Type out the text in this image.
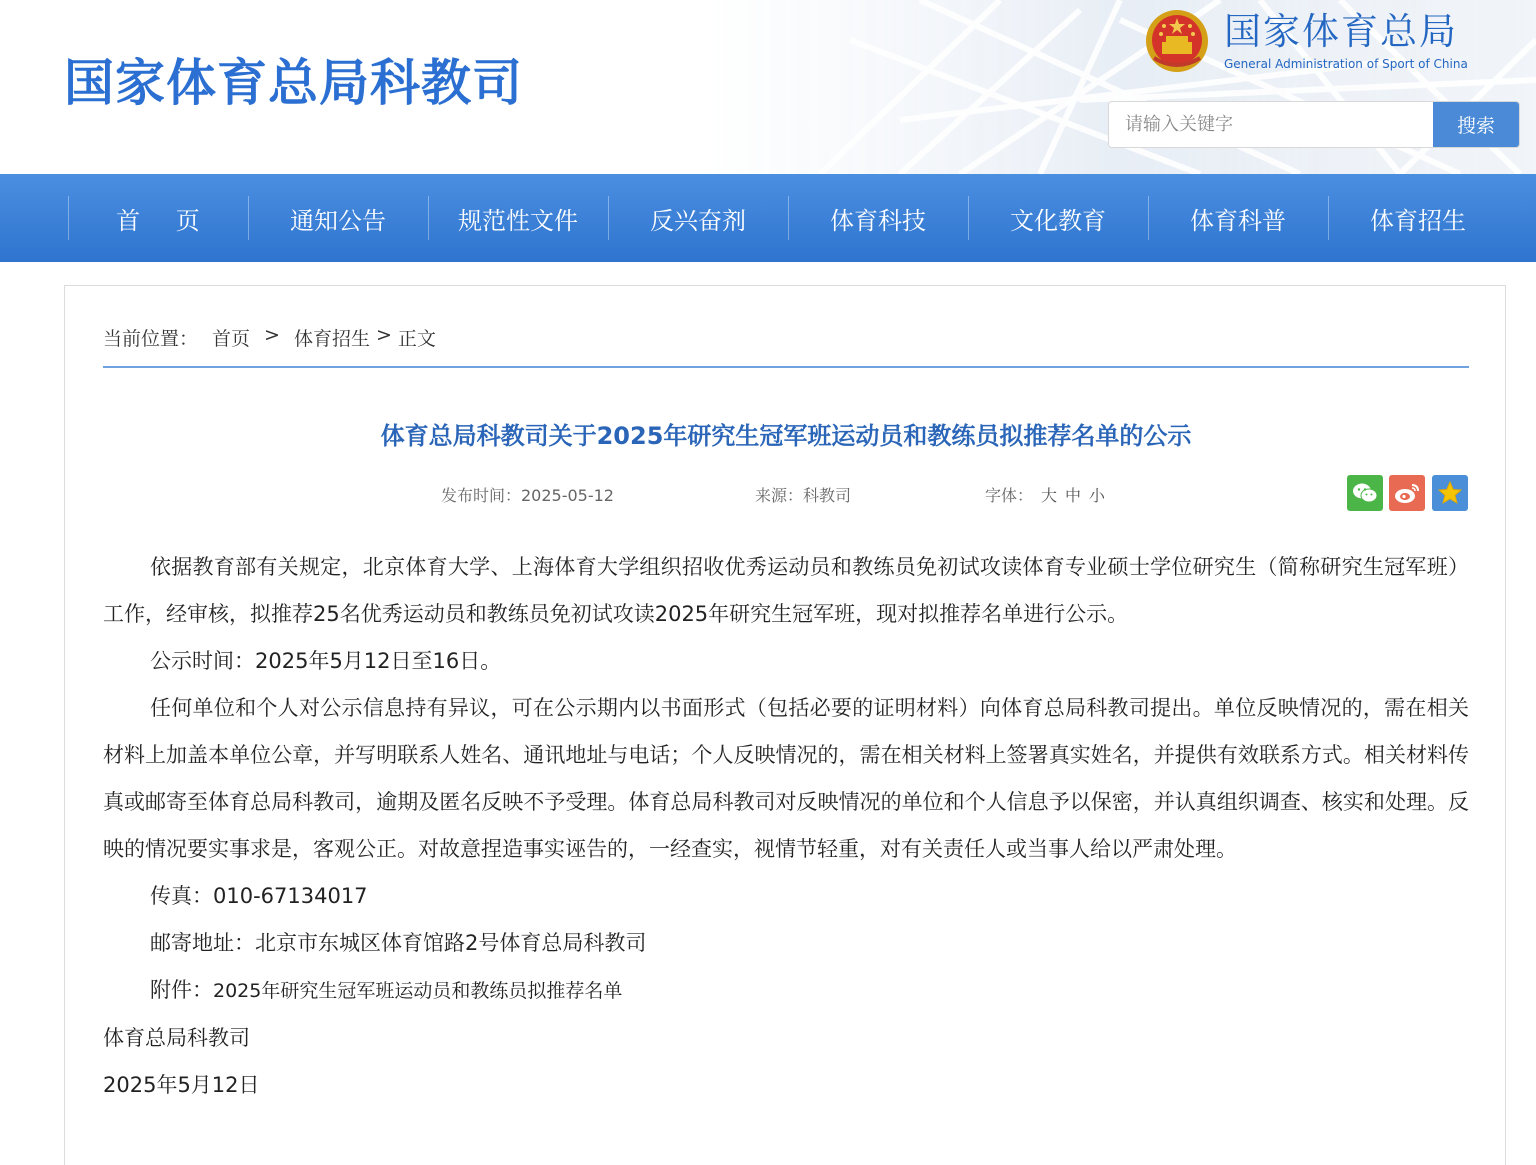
国家体育总局科教司
国家体育总局
General Administration of Sport of China
请输入关键字
搜索
首 页	通知公告	规范性文件	反兴奋剂	体育科技	文化教育	体育科普	体育招生
当前位置： 首页 > 体育招生 > 正文
体育总局科教司关于2025年研究生冠军班运动员和教练员拟推荐名单的公示
发布时间：2025-05-12	来源：科教司	字体： 大 中 小

依据教育部有关规定，北京体育大学、上海体育大学组织招收优秀运动员和教练员免初试攻读体育专业硕士学位研究生（简称研究生冠军班）工作，经审核，拟推荐25名优秀运动员和教练员免初试攻读2025年研究生冠军班，现对拟推荐名单进行公示。

公示时间：2025年5月12日至16日。

任何单位和个人对公示信息持有异议，可在公示期内以书面形式（包括必要的证明材料）向体育总局科教司提出。单位反映情况的，需在相关材料上加盖本单位公章，并写明联系人姓名、通讯地址与电话；个人反映情况的，需在相关材料上签署真实姓名，并提供有效联系方式。相关材料传真或邮寄至体育总局科教司，逾期及匿名反映不予受理。体育总局科教司对反映情况的单位和个人信息予以保密，并认真组织调查、核实和处理。反映的情况要实事求是，客观公正。对故意捏造事实诬告的，一经查实，视情节轻重，对有关责任人或当事人给以严肃处理。

传真：010-67134017

邮寄地址：北京市东城区体育馆路2号体育总局科教司

附件：2025年研究生冠军班运动员和教练员拟推荐名单

体育总局科教司

2025年5月12日
